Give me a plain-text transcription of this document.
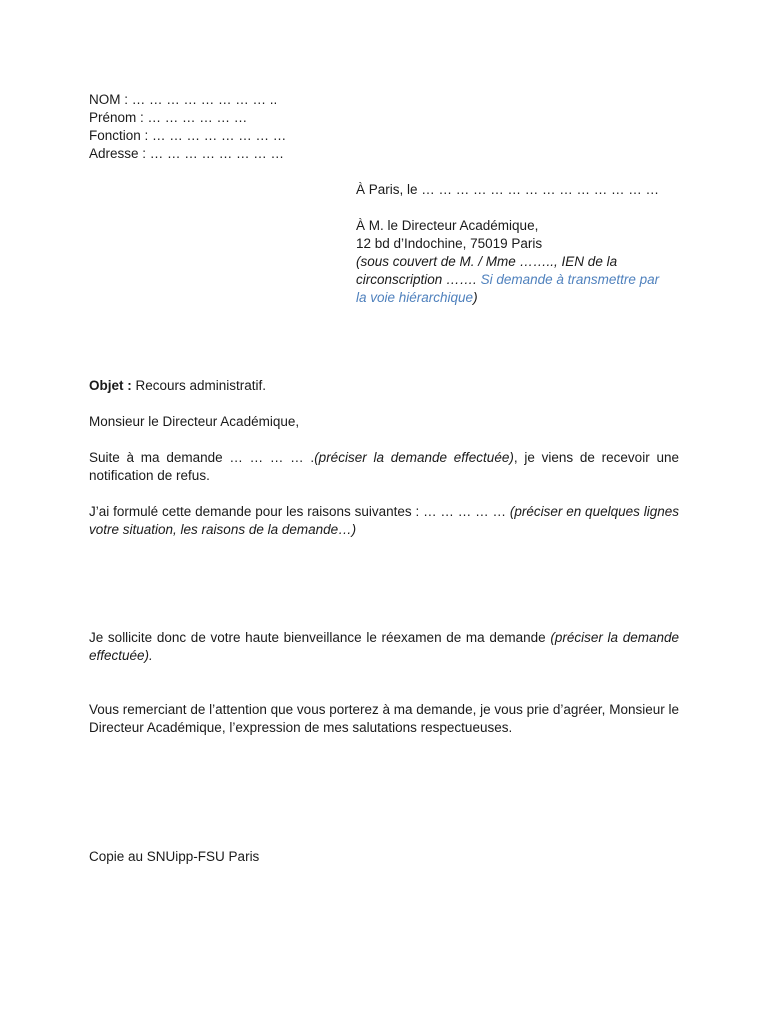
NOM : … … … … … … … … ..
Prénom : … … … … … …
Fonction : … … … … … … … …
Adresse : … … … … … … … …
À Paris, le … … … … … … … … … … … … … …
À M. le Directeur Académique,
12 bd d’Indochine, 75019 Paris
(sous couvert de M. / Mme …….., IEN de la circonscription ……. Si demande à transmettre par la voie hiérarchique)
Objet : Recours administratif.
Monsieur le Directeur Académique,
Suite à ma demande … … … … .(préciser la demande effectuée), je viens de recevoir une notification de refus.
J’ai formulé cette demande pour les raisons suivantes : … … … … … (préciser en quelques lignes votre situation, les raisons de la demande…)
Je sollicite donc de votre haute bienveillance le réexamen de ma demande (préciser la demande effectuée).
Vous remerciant de l’attention que vous porterez à ma demande, je vous prie d’agréer, Monsieur le Directeur Académique, l’expression de mes salutations respectueuses.
Copie au SNUipp-FSU Paris
